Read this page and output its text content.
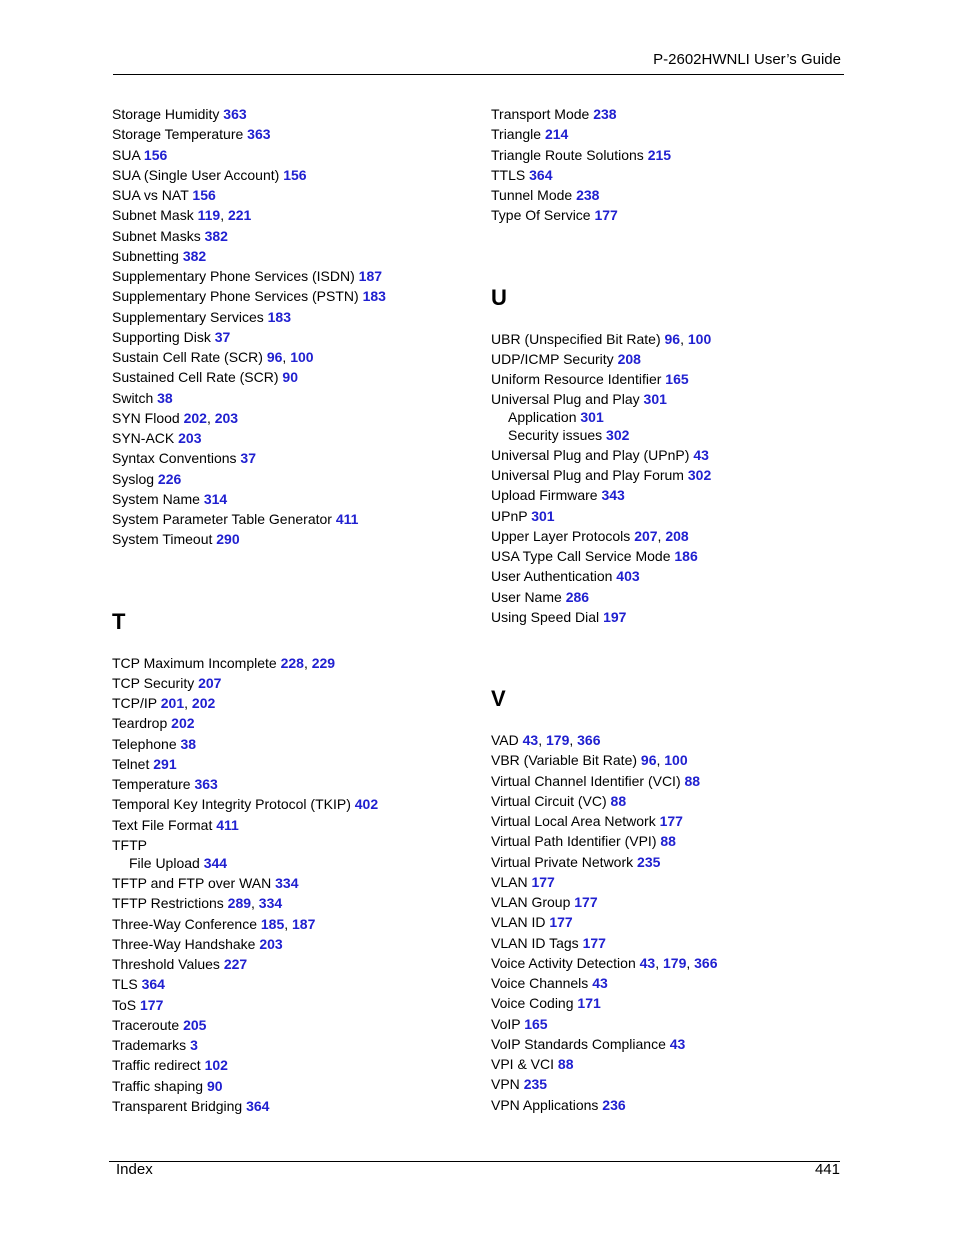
P-2602HWNLI User’s Guide
Storage Humidity 363
Storage Temperature 363
SUA 156
SUA (Single User Account) 156
SUA vs NAT 156
Subnet Mask 119, 221
Subnet Masks 382
Subnetting 382
Supplementary Phone Services (ISDN) 187
Supplementary Phone Services (PSTN) 183
Supplementary Services 183
Supporting Disk 37
Sustain Cell Rate (SCR) 96, 100
Sustained Cell Rate (SCR) 90
Switch 38
SYN Flood 202, 203
SYN-ACK 203
Syntax Conventions 37
Syslog 226
System Name 314
System Parameter Table Generator 411
System Timeout 290
T
TCP Maximum Incomplete 228, 229
TCP Security 207
TCP/IP 201, 202
Teardrop 202
Telephone 38
Telnet 291
Temperature 363
Temporal Key Integrity Protocol (TKIP) 402
Text File Format 411
TFTP
File Upload 344
TFTP and FTP over WAN 334
TFTP Restrictions 289, 334
Three-Way Conference 185, 187
Three-Way Handshake 203
Threshold Values 227
TLS 364
ToS 177
Traceroute 205
Trademarks 3
Traffic redirect 102
Traffic shaping 90
Transparent Bridging 364
Transport Mode 238
Triangle 214
Triangle Route Solutions 215
TTLS 364
Tunnel Mode 238
Type Of Service 177
U
UBR (Unspecified Bit Rate) 96, 100
UDP/ICMP Security 208
Uniform Resource Identifier 165
Universal Plug and Play 301
Application 301
Security issues 302
Universal Plug and Play (UPnP) 43
Universal Plug and Play Forum 302
Upload Firmware 343
UPnP 301
Upper Layer Protocols 207, 208
USA Type Call Service Mode 186
User Authentication 403
User Name 286
Using Speed Dial 197
V
VAD 43, 179, 366
VBR (Variable Bit Rate) 96, 100
Virtual Channel Identifier (VCI) 88
Virtual Circuit (VC) 88
Virtual Local Area Network 177
Virtual Path Identifier (VPI) 88
Virtual Private Network 235
VLAN 177
VLAN Group 177
VLAN ID 177
VLAN ID Tags 177
Voice Activity Detection 43, 179, 366
Voice Channels 43
Voice Coding 171
VoIP 165
VoIP Standards Compliance 43
VPI & VCI 88
VPN 235
VPN Applications 236
Index	441
